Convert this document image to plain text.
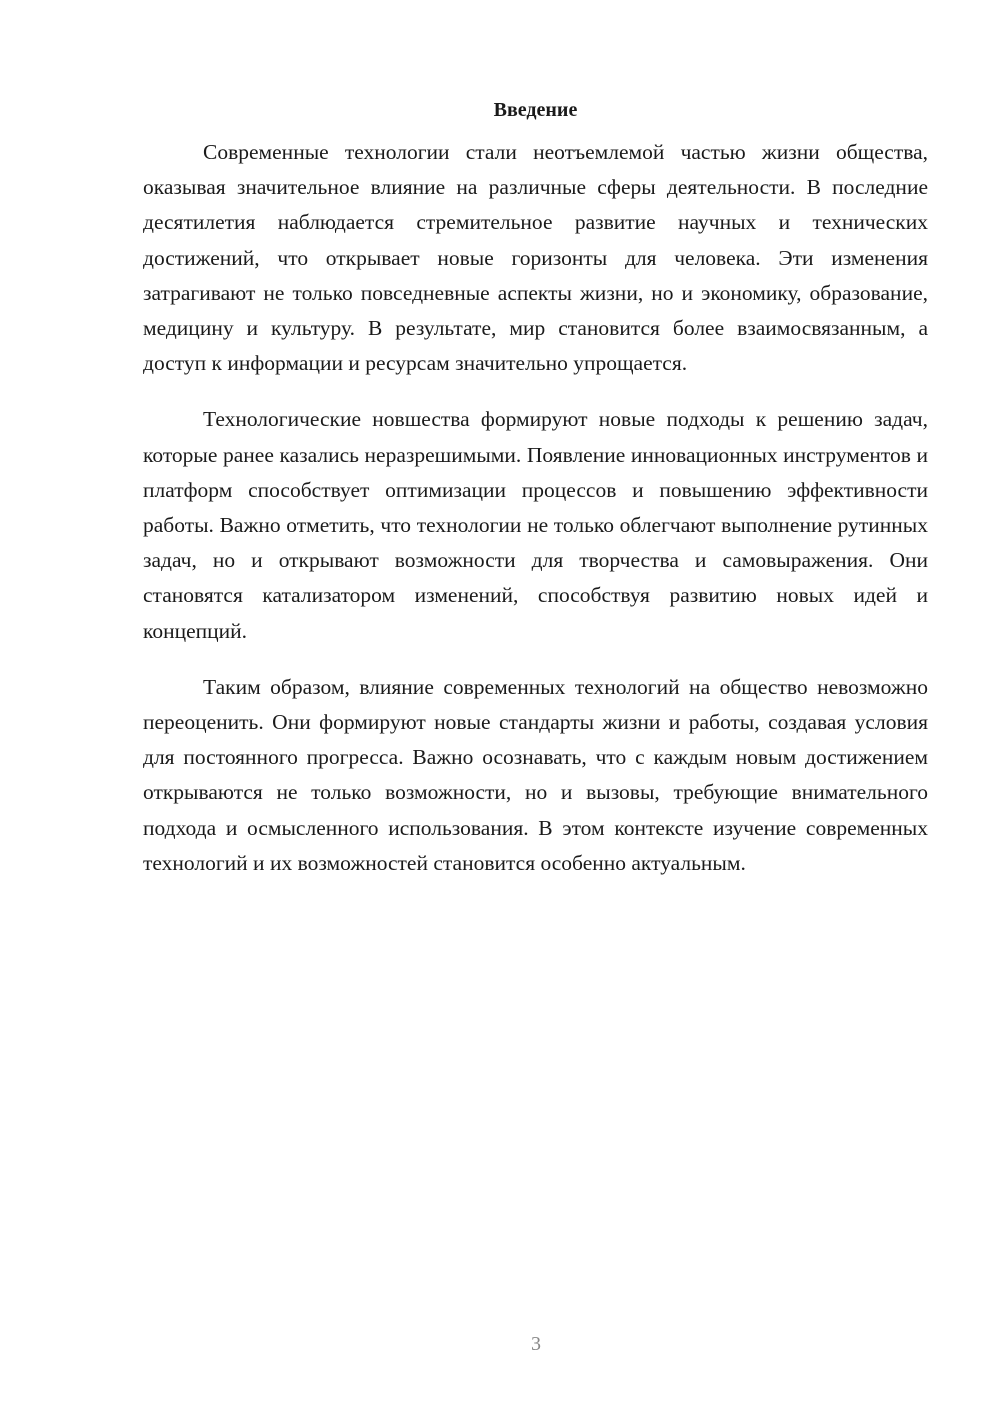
Введение

Современные технологии стали неотъемлемой частью жизни общества, оказывая значительное влияние на различные сферы деятельности. В последние десятилетия наблюдается стремительное развитие научных и технических достижений, что открывает новые горизонты для человека. Эти изменения затрагивают не только повседневные аспекты жизни, но и экономику, образование, медицину и культуру. В результате, мир становится более взаимосвязанным, а доступ к информации и ресурсам значительно упрощается.

Технологические новшества формируют новые подходы к решению задач, которые ранее казались неразрешимыми. Появление инновационных инструментов и платформ способствует оптимизации процессов и повышению эффективности работы. Важно отметить, что технологии не только облегчают выполнение рутинных задач, но и открывают возможности для творчества и самовыражения. Они становятся катализатором изменений, способствуя развитию новых идей и концепций.

Таким образом, влияние современных технологий на общество невозможно переоценить. Они формируют новые стандарты жизни и работы, создавая условия для постоянного прогресса. Важно осознавать, что с каждым новым достижением открываются не только возможности, но и вызовы, требующие внимательного подхода и осмысленного использования. В этом контексте изучение современных технологий и их возможностей становится особенно актуальным.

3
